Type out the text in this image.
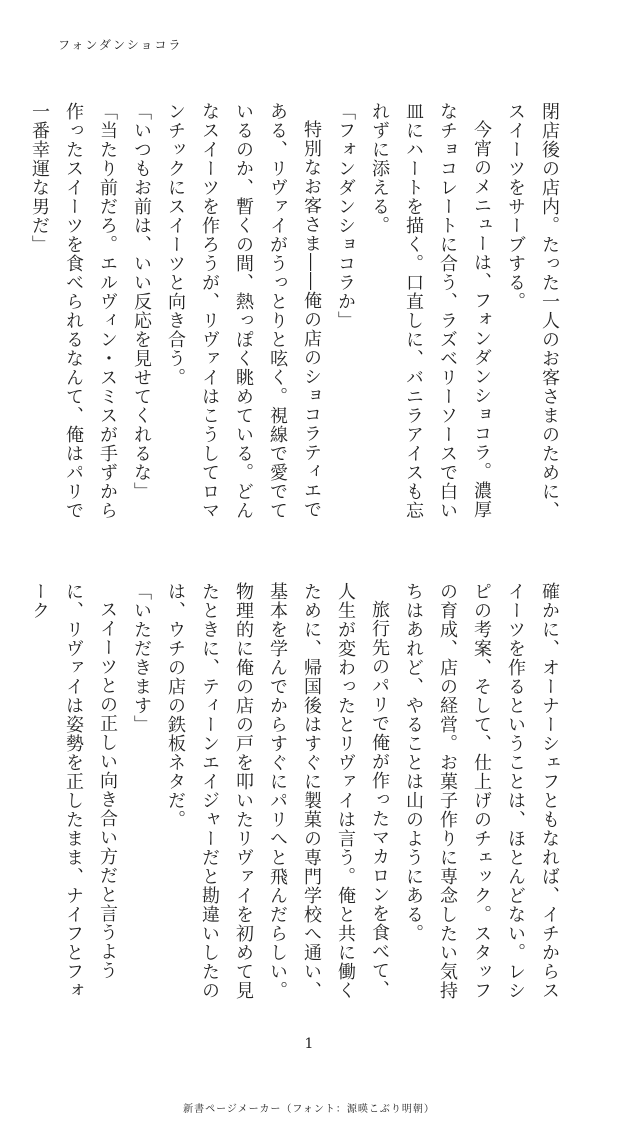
フォンダンショコラ

閉店後の店内。たった一人のお客さまのために、スイーツをサーブする。

今宵のメニューは、フォンダンショコラ。濃厚なチョコレートに合う、ラズベリーソースで白い皿にハートを描く。口直しに、バニラアイスも忘れずに添える。

「フォンダンショコラか」

特別なお客さま――俺の店のショコラティエである、リヴァイがうっとりと呟く。視線で愛でているのか、暫くの間、熱っぽく眺めている。どんなスイーツを作ろうが、リヴァイはこうしてロマンチックにスイーツと向き合う。

「いつもお前は、いい反応を見せてくれるな」

「当たり前だろ。エルヴィン・スミスが手ずから作ったスイーツを食べられるなんて、俺はパリで一番幸運な男だ」

確かに、オーナーシェフともなれば、イチからスイーツを作るということは、ほとんどない。レシピの考案、そして、仕上げのチェック。スタッフの育成、店の経営。お菓子作りに専念したい気持ちはあれど、やることは山のようにある。

旅行先のパリで俺が作ったマカロンを食べて、人生が変わったとリヴァイは言う。俺と共に働くために、帰国後はすぐに製菓の専門学校へ通い、基本を学んでからすぐにパリへと飛んだらしい。物理的に俺の店の戸を叩いたリヴァイを初めて見たときに、ティーンエイジャーだと勘違いしたのは、ウチの店の鉄板ネタだ。

「いただきます」

スイーツとの正しい向き合い方だと言うように、リヴァイは姿勢を正したまま、ナイフとフォーク

1
新書ページメーカー（フォント：源暎こぶり明朝）
